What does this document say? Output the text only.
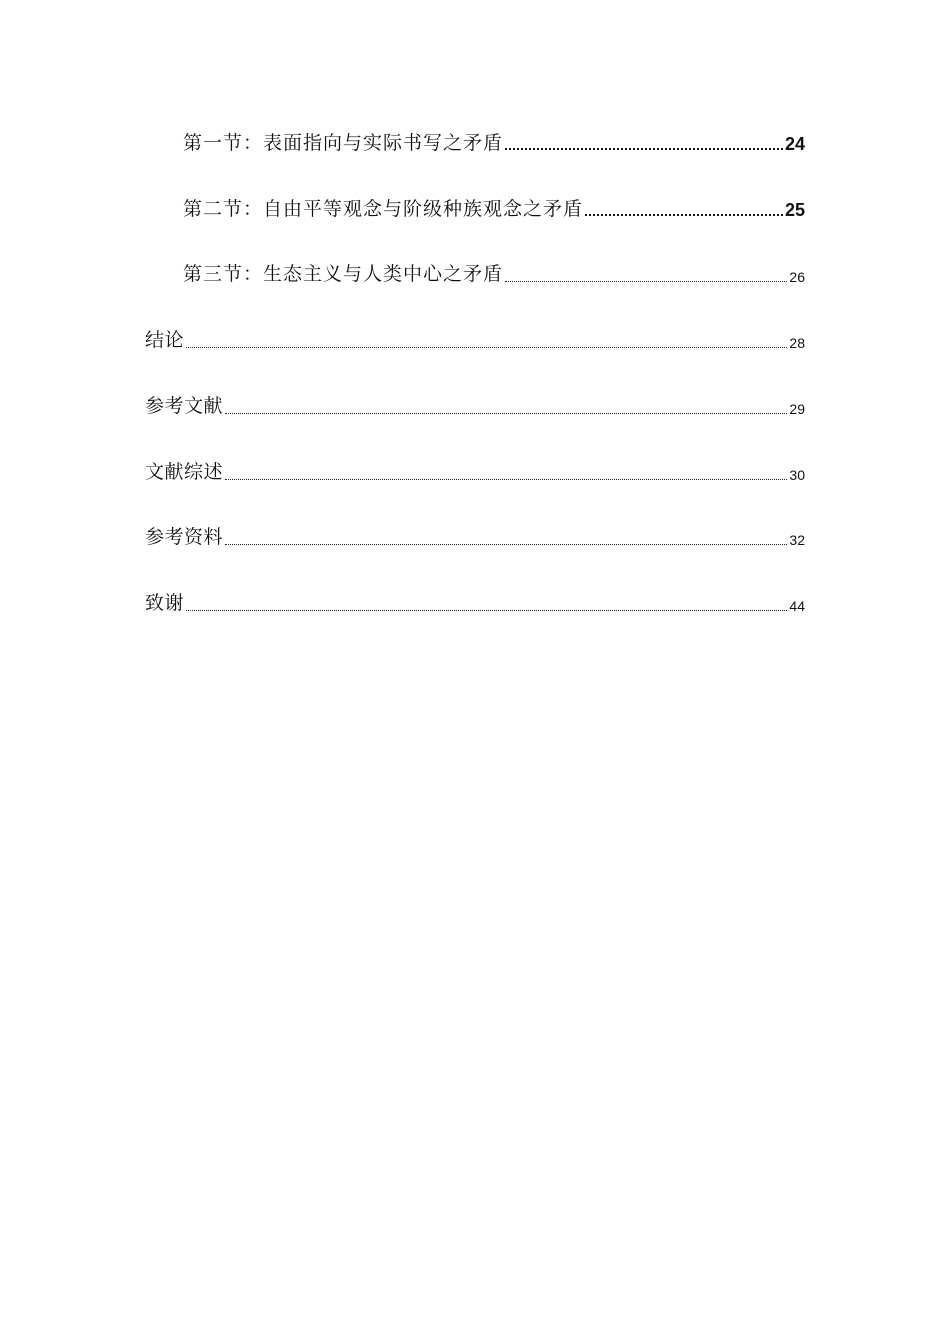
第一节：表面指向与实际书写之矛盾	24
第二节：自由平等观念与阶级种族观念之矛盾	25
第三节：生态主义与人类中心之矛盾	26
结论	28
参考文献	29
文献综述	30
参考资料	32
致谢	44
